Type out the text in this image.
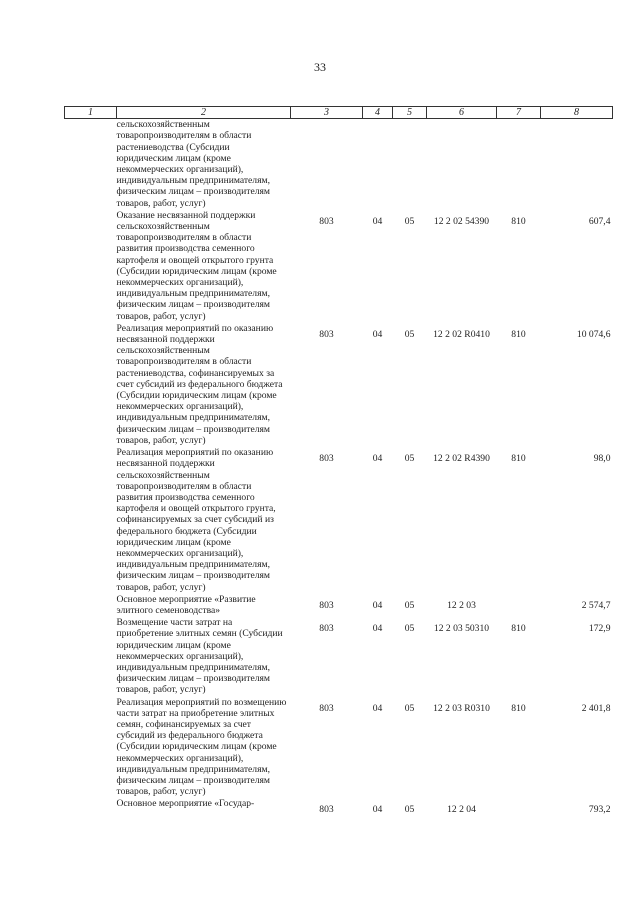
33
1	2	3	4	5	6	7	8
	сельскохозяйственным товаропроизводителям в области растениеводства (Субсидии юридическим лицам (кроме некоммерческих организаций), индивидуальным предпринимателям, физическим лицам – производителям товаров, работ, услуг)						
	Оказание несвязанной поддержки сельскохозяйственным товаропроизводителям в области развития производства семенного картофеля и овощей открытого грунта (Субсидии юридическим лицам (кроме некоммерческих организаций), индивидуальным предпринимателям, физическим лицам – производителям товаров, работ, услуг)	803	04	05	12 2 02 54390	810	607,4
	Реализация мероприятий по оказанию несвязанной поддержки сельскохозяйственным товаропроизводителям в области растениеводства, софинансируемых за счет субсидий из федерального бюджета (Субсидии юридическим лицам (кроме некоммерческих организаций), индивидуальным предпринимателям, физическим лицам – производителям товаров, работ, услуг)	803	04	05	12 2 02 R0410	810	10 074,6
	Реализация мероприятий по оказанию несвязанной поддержки сельскохозяйственным товаропроизводителям в области развития производства семенного картофеля и овощей открытого грунта, софинансируемых за счет субсидий из федерального бюджета (Субсидии юридическим лицам (кроме некоммерческих организаций), индивидуальным предпринимателям, физическим лицам – производителям товаров, работ, услуг)	803	04	05	12 2 02 R4390	810	98,0
	Основное мероприятие «Развитие элитного семеноводства»	803	04	05	12 2 03		2 574,7
	Возмещение части затрат на приобретение элитных семян (Субсидии юридическим лицам (кроме некоммерческих организаций), индивидуальным предпринимателям, физическим лицам – производителям товаров, работ, услуг)	803	04	05	12 2 03 50310	810	172,9
	Реализация мероприятий по возмещению части затрат на приобретение элитных семян, софинансируемых за счет субсидий из федерального бюджета (Субсидии юридическим лицам (кроме некоммерческих организаций), индивидуальным предпринимателям, физическим лицам – производителям товаров, работ, услуг)	803	04	05	12 2 03 R0310	810	2 401,8
	Основное мероприятие «Государ-	803	04	05	12 2 04		793,2
